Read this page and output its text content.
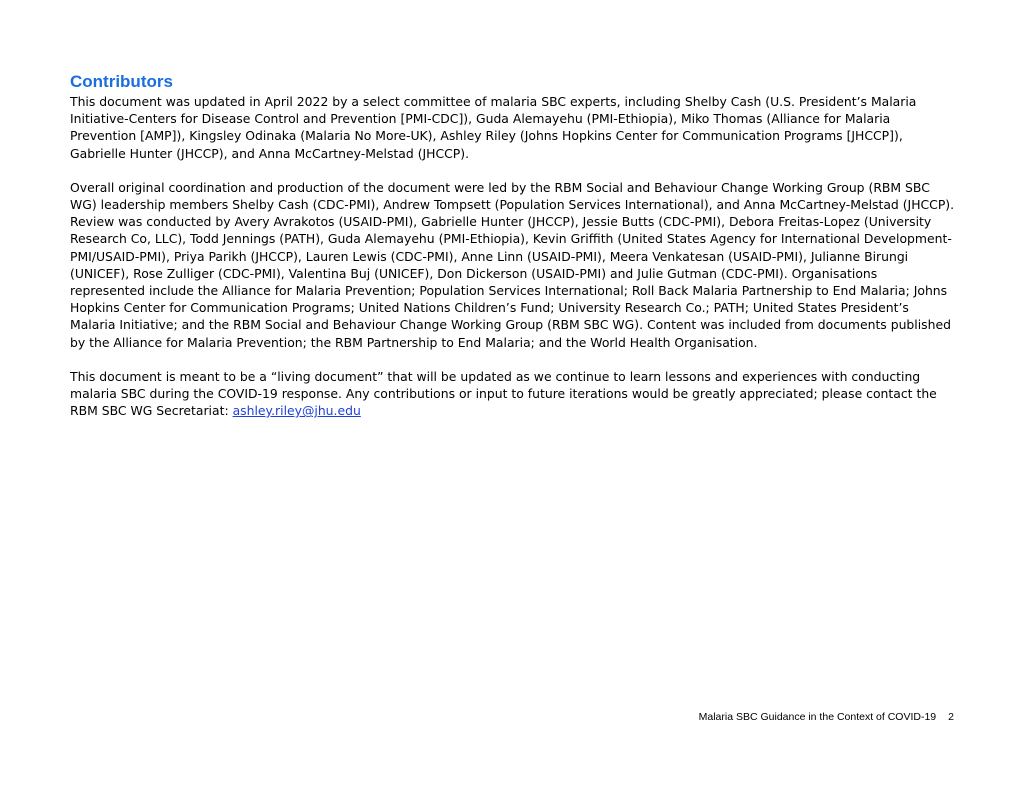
Contributors

This document was updated in April 2022 by a select committee of malaria SBC experts, including Shelby Cash (U.S. President’s Malaria Initiative-Centers for Disease Control and Prevention [PMI-CDC]), Guda Alemayehu (PMI-Ethiopia), Miko Thomas (Alliance for Malaria Prevention [AMP]), Kingsley Odinaka (Malaria No More-UK), Ashley Riley (Johns Hopkins Center for Communication Programs [JHCCP]), Gabrielle Hunter (JHCCP), and Anna McCartney-Melstad (JHCCP).

Overall original coordination and production of the document were led by the RBM Social and Behaviour Change Working Group (RBM SBC WG) leadership members Shelby Cash (CDC-PMI), Andrew Tompsett (Population Services International), and Anna McCartney-Melstad (JHCCP). Review was conducted by Avery Avrakotos (USAID-PMI), Gabrielle Hunter (JHCCP), Jessie Butts (CDC-PMI), Debora Freitas-Lopez (University Research Co, LLC), Todd Jennings (PATH), Guda Alemayehu (PMI-Ethiopia), Kevin Griffith (United States Agency for International Development-PMI/USAID-PMI), Priya Parikh (JHCCP), Lauren Lewis (CDC-PMI), Anne Linn (USAID-PMI), Meera Venkatesan (USAID-PMI), Julianne Birungi (UNICEF), Rose Zulliger (CDC-PMI), Valentina Buj (UNICEF), Don Dickerson (USAID-PMI) and Julie Gutman (CDC-PMI). Organisations represented include the Alliance for Malaria Prevention; Population Services International; Roll Back Malaria Partnership to End Malaria; Johns Hopkins Center for Communication Programs; United Nations Children’s Fund; University Research Co.; PATH; United States President’s Malaria Initiative; and the RBM Social and Behaviour Change Working Group (RBM SBC WG). Content was included from documents published by the Alliance for Malaria Prevention; the RBM Partnership to End Malaria; and the World Health Organisation.

This document is meant to be a “living document” that will be updated as we continue to learn lessons and experiences with conducting malaria SBC during the COVID-19 response. Any contributions or input to future iterations would be greatly appreciated; please contact the RBM SBC WG Secretariat: ashley.riley@jhu.edu

Malaria SBC Guidance in the Context of COVID-19 2
